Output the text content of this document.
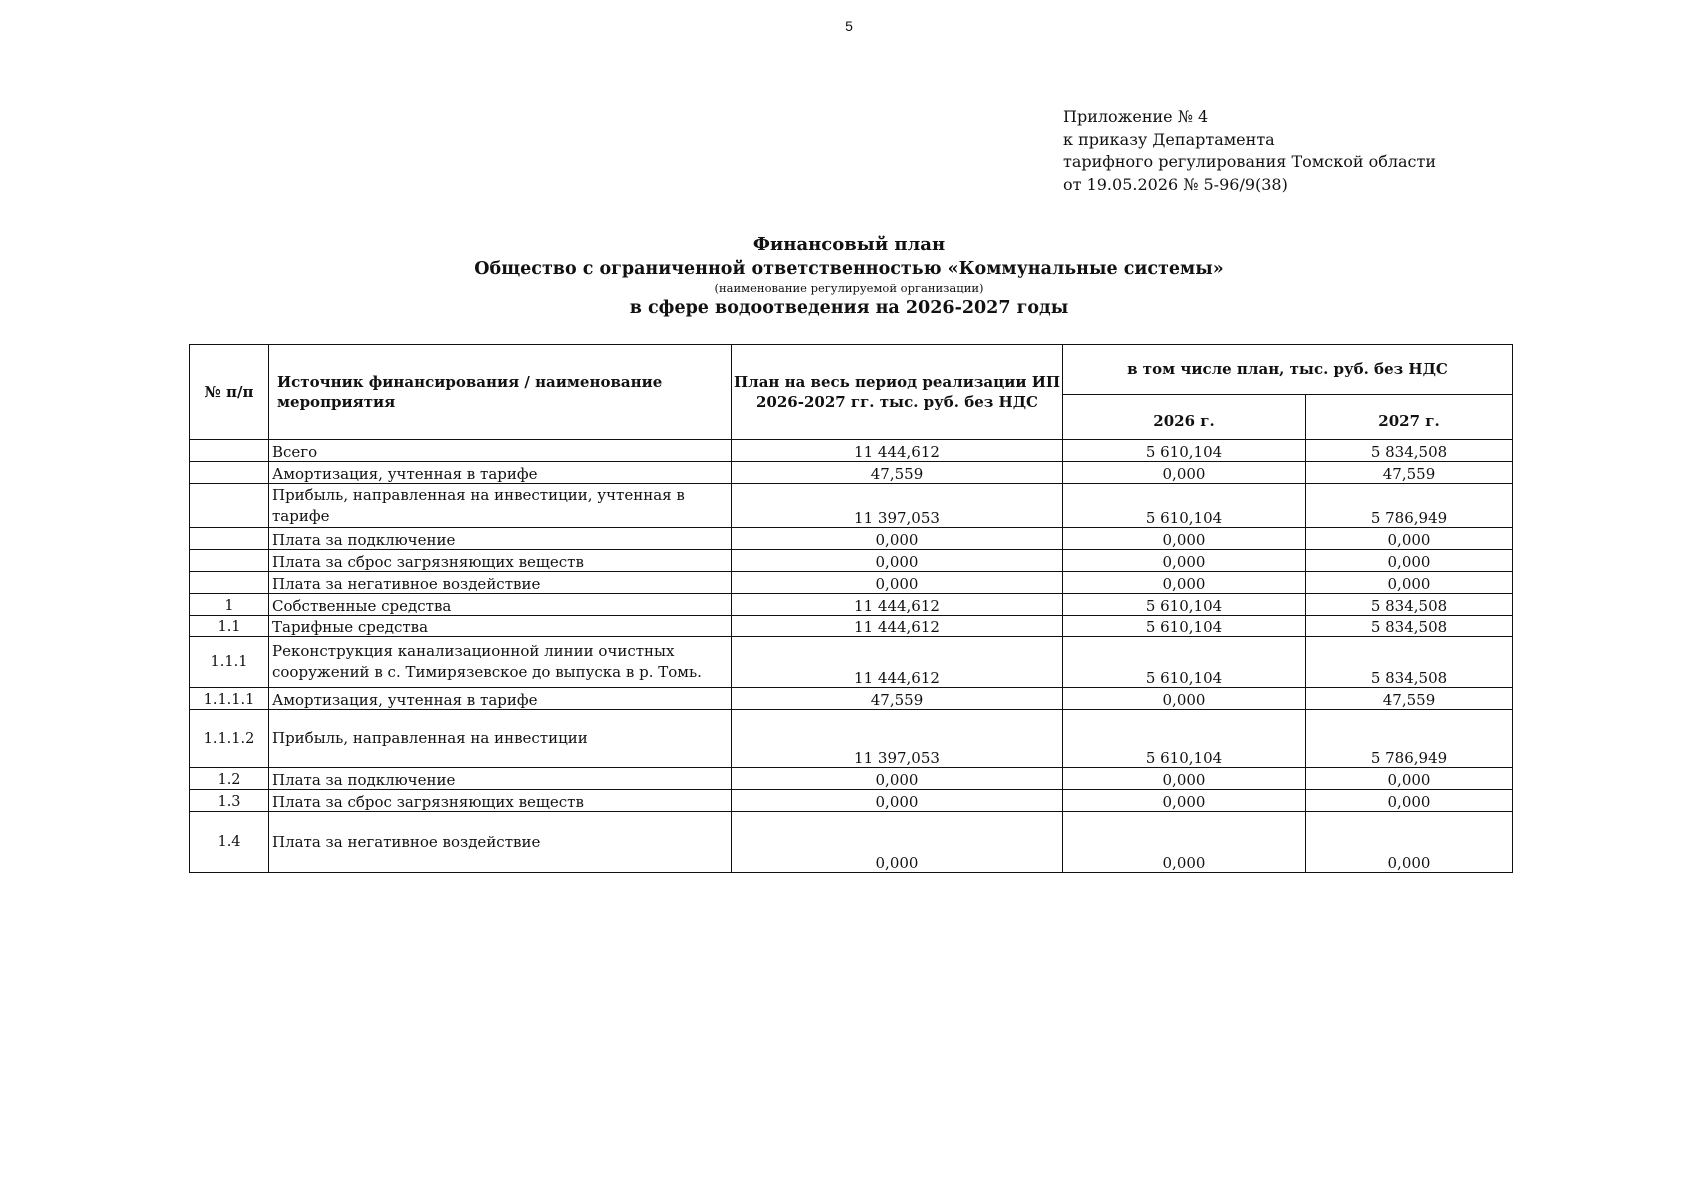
5
Приложение № 4
к приказу Департамента
тарифного регулирования Томской области
от 19.05.2026 № 5-96/9(38)
Финансовый план
Общество с ограниченной ответственностью «Коммунальные системы»
(наименование регулируемой организации)
в сфере водоотведения на 2026-2027 годы
№ п/п	Источник финансирования / наименование мероприятия	План на весь период реализации ИП 2026-2027 гг. тыс. руб. без НДС	в том числе план, тыс. руб. без НДС	
			2026 г.	2027 г.
	Всего	11 444,612	5 610,104	5 834,508
	Амортизация, учтенная в тарифе	47,559	0,000	47,559
	Прибыль, направленная на инвестиции, учтенная в тарифе	11 397,053	5 610,104	5 786,949
	Плата за подключение	0,000	0,000	0,000
	Плата за сброс загрязняющих веществ	0,000	0,000	0,000
	Плата за негативное воздействие	0,000	0,000	0,000
1	Собственные средства	11 444,612	5 610,104	5 834,508
1.1	Тарифные средства	11 444,612	5 610,104	5 834,508
1.1.1	Реконструкция канализационной линии очистных сооружений в с. Тимирязевское до выпуска в р. Томь.	11 444,612	5 610,104	5 834,508
1.1.1.1	Амортизация, учтенная в тарифе	47,559	0,000	47,559
1.1.1.2	Прибыль, направленная на инвестиции	11 397,053	5 610,104	5 786,949
1.2	Плата за подключение	0,000	0,000	0,000
1.3	Плата за сброс загрязняющих веществ	0,000	0,000	0,000
1.4	Плата за негативное воздействие	0,000	0,000	0,000
